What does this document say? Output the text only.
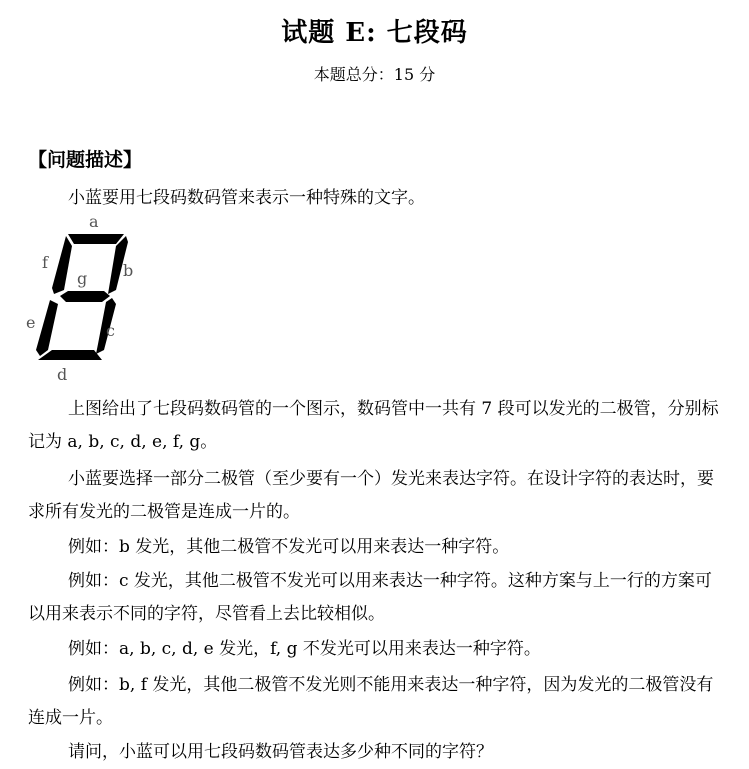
试题 E: 七段码
本题总分：15 分
【问题描述】

小蓝要用七段码数码管来表示一种特殊的文字。

a
f
g b
e	c
d

上图给出了七段码数码管的一个图示，数码管中一共有 7 段可以发光的二极管，分别标记为 a, b, c, d, e, f, g。

小蓝要选择一部分二极管（至少要有一个）发光来表达字符。在设计字符的表达时，要求所有发光的二极管是连成一片的。

例如：b 发光，其他二极管不发光可以用来表达一种字符。

例如：c 发光，其他二极管不发光可以用来表达一种字符。这种方案与上一行的方案可以用来表示不同的字符，尽管看上去比较相似。

例如：a, b, c, d, e 发光，f, g 不发光可以用来表达一种字符。

例如：b, f 发光，其他二极管不发光则不能用来表达一种字符，因为发光的二极管没有连成一片。

请问，小蓝可以用七段码数码管表达多少种不同的字符？
